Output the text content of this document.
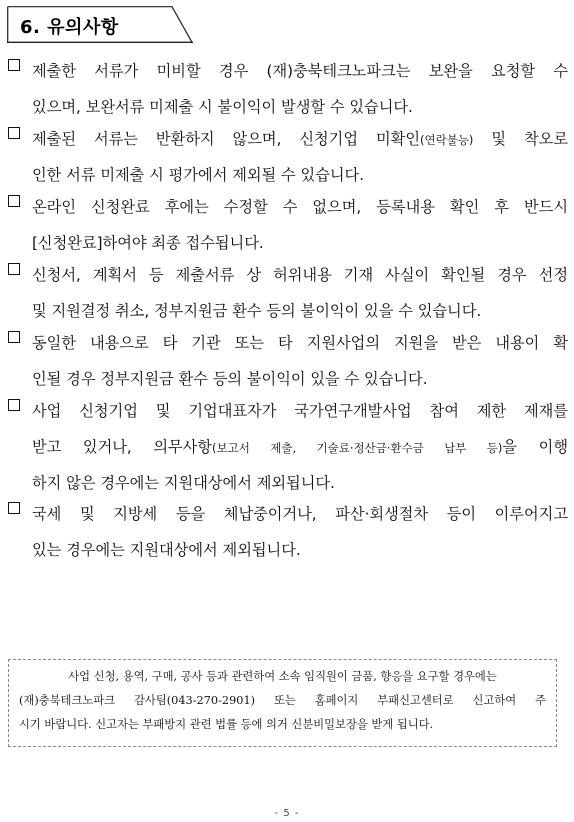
6. 유의사항
제출한 서류가 미비할 경우 (재)충북테크노파크는 보완을 요청할 수
있으며, 보완서류 미제출 시 불이익이 발생할 수 있습니다.
제출된 서류는 반환하지 않으며, 신청기업 미확인(연락불능) 및 착오로
인한 서류 미제출 시 평가에서 제외될 수 있습니다.
온라인 신청완료 후에는 수정할 수 없으며, 등록내용 확인 후 반드시
[신청완료]하여야 최종 접수됩니다.
신청서, 계획서 등 제출서류 상 허위내용 기재 사실이 확인될 경우 선정
및 지원결정 취소, 정부지원금 환수 등의 불이익이 있을 수 있습니다.
동일한 내용으로 타 기관 또는 타 지원사업의 지원을 받은 내용이 확
인될 경우 정부지원금 환수 등의 불이익이 있을 수 있습니다.
사업 신청기업 및 기업대표자가 국가연구개발사업 참여 제한 제재를
받고 있거나, 의무사항(보고서 제출, 기술료·정산금·환수금 납부 등)을 이행
하지 않은 경우에는 지원대상에서 제외됩니다.
국세 및 지방세 등을 체납중이거나, 파산·회생절차 등이 이루어지고
있는 경우에는 지원대상에서 제외됩니다.
사업 신청, 용역, 구매, 공사 등과 관련하여 소속 임직원이 금품, 향응을 요구할 경우에는
(재)충북테크노파크 감사팀(043-270-2901) 또는 홈페이지 부패신고센터로 신고하여 주
시기 바랍니다. 신고자는 부패방지 관련 법률 등에 의거 신분비밀보장을 받게 됩니다.
- 5 -
